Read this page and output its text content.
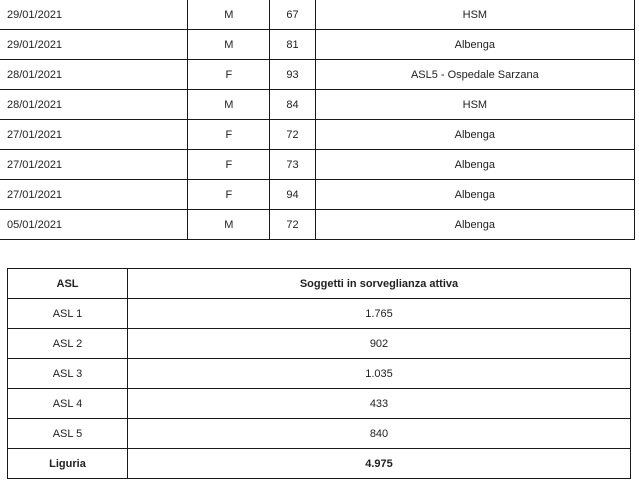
29/01/2021	M	67	HSM
29/01/2021	M	81	Albenga
28/01/2021	F	93	ASL5 - Ospedale Sarzana
28/01/2021	M	84	HSM
27/01/2021	F	72	Albenga
27/01/2021	F	73	Albenga
27/01/2021	F	94	Albenga
05/01/2021	M	72	Albenga
ASL	Soggetti in sorveglianza attiva
ASL 1	1.765
ASL 2	902
ASL 3	1.035
ASL 4	433
ASL 5	840
Liguria	4.975
